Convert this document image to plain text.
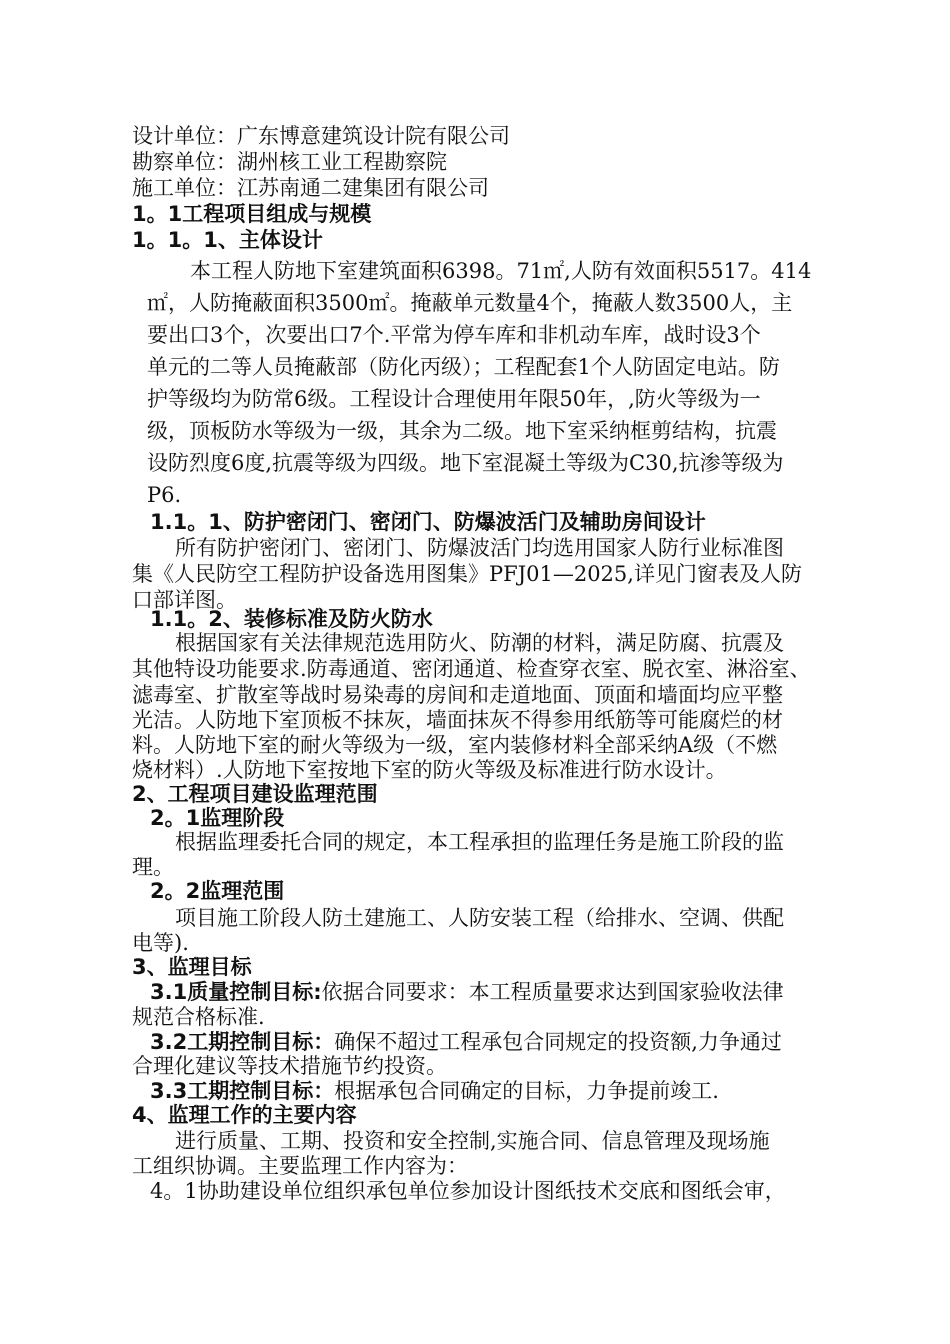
设计单位：广东博意建筑设计院有限公司
勘察单位：湖州核工业工程勘察院
施工单位：江苏南通二建集团有限公司
1。1工程项目组成与规模
1。1。1、主体设计
本工程人防地下室建筑面积6398。71㎡,人防有效面积5517。414
㎡，人防掩蔽面积3500㎡。掩蔽单元数量4个，掩蔽人数3500人，主
要出口3个，次要出口7个.平常为停车库和非机动车库，战时设3个
单元的二等人员掩蔽部（防化丙级）；工程配套1个人防固定电站。防
护等级均为防常6级。工程设计合理使用年限50年，,防火等级为一
级，顶板防水等级为一级，其余为二级。地下室采纳框剪结构，抗震
设防烈度6度,抗震等级为四级。地下室混凝土等级为C30,抗渗等级为
P6.
1.1。1、防护密闭门、密闭门、防爆波活门及辅助房间设计
所有防护密闭门、密闭门、防爆波活门均选用国家人防行业标准图
集《人民防空工程防护设备选用图集》PFJ01—2025,详见门窗表及人防
口部详图。
1.1。2、装修标准及防火防水
根据国家有关法律规范选用防火、防潮的材料，满足防腐、抗震及
其他特设功能要求.防毒通道、密闭通道、检查穿衣室、脱衣室、淋浴室、
滤毒室、扩散室等战时易染毒的房间和走道地面、顶面和墙面均应平整
光洁。人防地下室顶板不抹灰，墙面抹灰不得参用纸筋等可能腐烂的材
料。人防地下室的耐火等级为一级，室内装修材料全部采纳A级（不燃
烧材料）.人防地下室按地下室的防火等级及标准进行防水设计。
2、工程项目建设监理范围
2。1监理阶段
根据监理委托合同的规定，本工程承担的监理任务是施工阶段的监
理。
2。2监理范围
项目施工阶段人防土建施工、人防安装工程（给排水、空调、供配
电等).
3、监理目标
3.1质量控制目标:依据合同要求：本工程质量要求达到国家验收法律
规范合格标准.
3.2工期控制目标：确保不超过工程承包合同规定的投资额,力争通过
合理化建议等技术措施节约投资。
3.3工期控制目标：根据承包合同确定的目标，力争提前竣工.
4、监理工作的主要内容
进行质量、工期、投资和安全控制,实施合同、信息管理及现场施
工组织协调。主要监理工作内容为：
4。1协助建设单位组织承包单位参加设计图纸技术交底和图纸会审，
